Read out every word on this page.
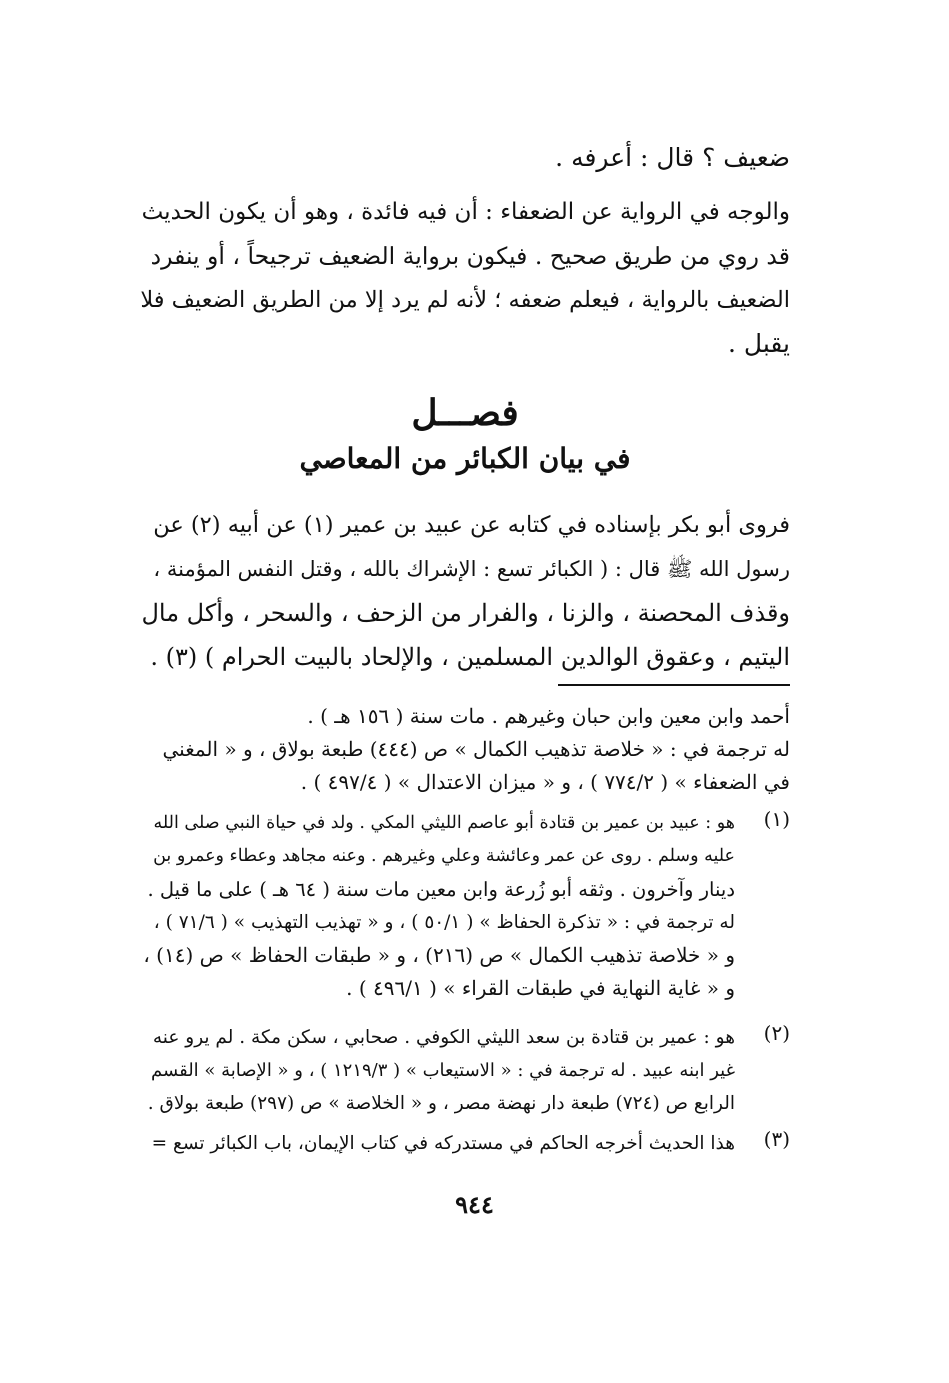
ضعيف ؟ قال : أعرفه .
والوجه في الرواية عن الضعفاء : أن فيه فائدة ، وهو أن يكون الحديث
قد روي من طريق صحيح . فيكون برواية الضعيف ترجيحاً ، أو ينفرد
الضعيف بالرواية ، فيعلم ضعفه ؛ لأنه لم يرد إلا من الطريق الضعيف فلا
يقبل .
فصـــل
في بيان الكبائر من المعاصي
فروى أبو بكر بإسناده في كتابه عن عبيد بن عمير (١) عن أبيه (٢) عن
رسول الله ﷺ قال : ( الكبائر تسع : الإشراك بالله ، وقتل النفس المؤمنة ،
وقذف المحصنة ، والزنا ، والفرار من الزحف ، والسحر ، وأكل مال
اليتيم ، وعقوق الوالدين المسلمين ، والإلحاد بالبيت الحرام ) (٣) .
أحمد وابن معين وابن حبان وغيرهم . مات سنة ( ١٥٦ هـ ) .
له ترجمة في : « خلاصة تذهيب الكمال » ص (٤٤٤) طبعة بولاق ، و « المغني
في الضعفاء » ( ٧٧٤/٢ ) ، و « ميزان الاعتدال » ( ٤٩٧/٤ ) .
(١)
هو : عبيد بن عمير بن قتادة أبو عاصم الليثي المكي . ولد في حياة النبي صلى الله
عليه وسلم . روى عن عمر وعائشة وعلي وغيرهم . وعنه مجاهد وعطاء وعمرو بن
دينار وآخرون . وثقه أبو زُرعة وابن معين مات سنة ( ٦٤ هـ ) على ما قيل .
له ترجمة في : « تذكرة الحفاظ » ( ٥٠/١ ) ، و « تهذيب التهذيب » ( ٧١/٦ ) ،
و « خلاصة تذهيب الكمال » ص (٢١٦) ، و « طبقات الحفاظ » ص (١٤) ،
و « غاية النهاية في طبقات القراء » ( ٤٩٦/١ ) .
(٢)
هو : عمير بن قتادة بن سعد الليثي الكوفي . صحابي ، سكن مكة . لم يرو عنه
غير ابنه عبيد . له ترجمة في : « الاستيعاب » ( ١٢١٩/٣ ) ، و « الإصابة » القسم
الرابع ص (٧٢٤) طبعة دار نهضة مصر ، و « الخلاصة » ص (٢٩٧) طبعة بولاق .
(٣)
هذا الحديث أخرجه الحاكم في مستدركه في كتاب الإيمان، باب الكبائر تسع =
٩٤٤
